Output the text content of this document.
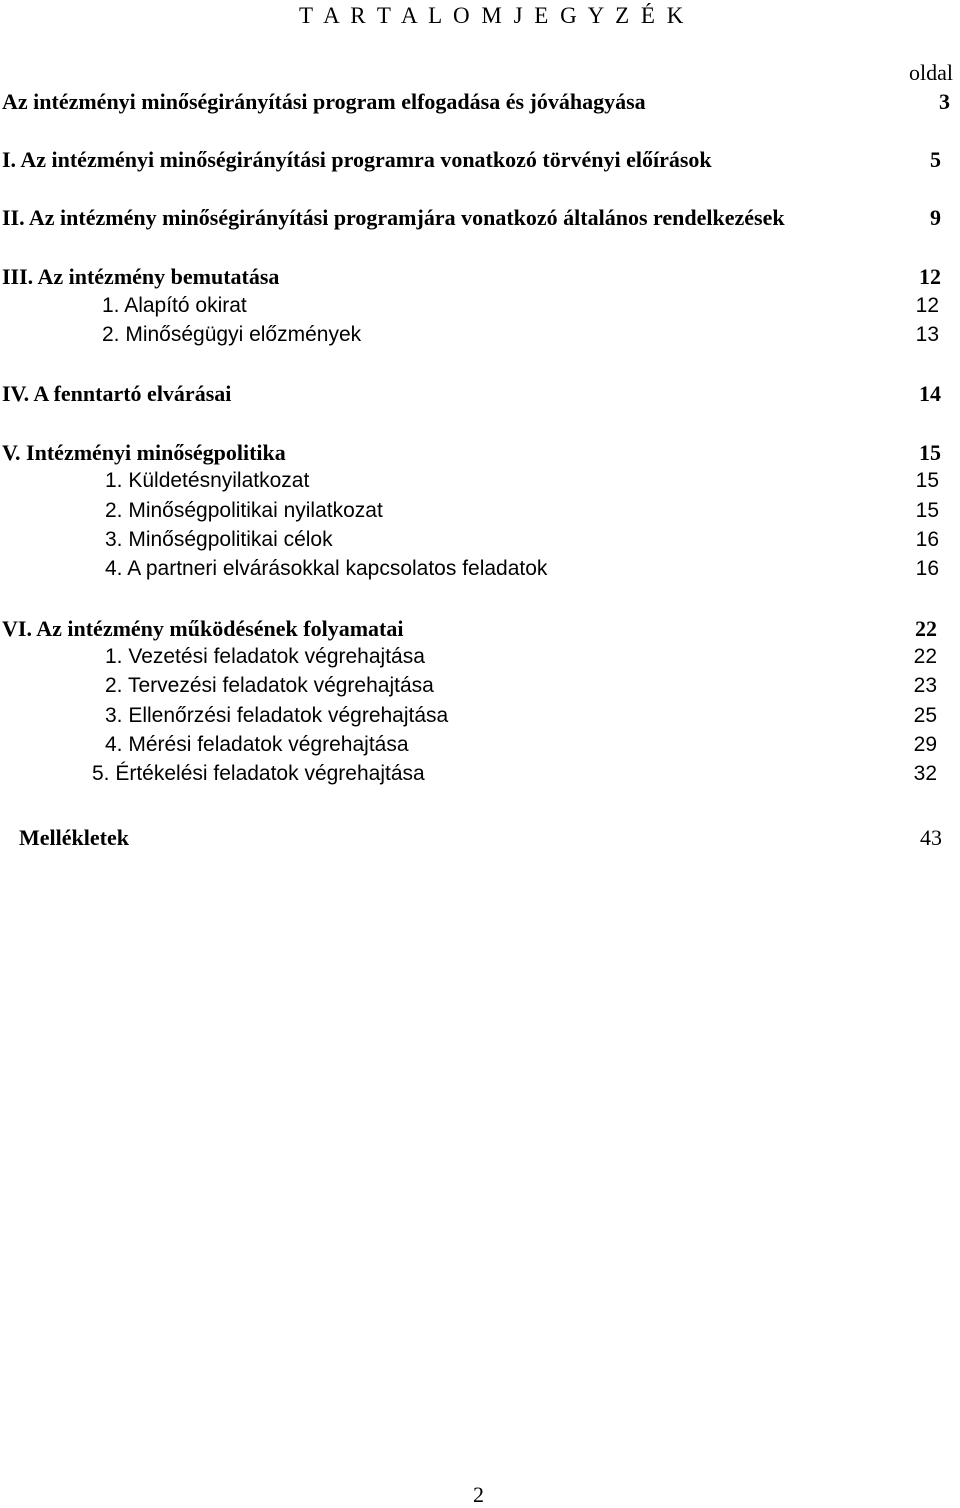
T A R T A L O M J E G Y Z É K
oldal
Az intézményi minőségirányítási program elfogadása és jóváhagyása	3
I. Az intézményi minőségirányítási programra vonatkozó törvényi előírások	5
II. Az intézmény minőségirányítási programjára vonatkozó általános rendelkezések	9
III. Az intézmény bemutatása	12
1. Alapító okirat	12
2. Minőségügyi előzmények	13
IV. A fenntartó elvárásai	14
V. Intézményi minőségpolitika	15
1. Küldetésnyilatkozat	15
2. Minőségpolitikai nyilatkozat	15
3. Minőségpolitikai célok	16
4. A partneri elvárásokkal kapcsolatos feladatok	16
VI. Az intézmény működésének folyamatai	22
1. Vezetési feladatok végrehajtása	22
2. Tervezési feladatok végrehajtása	23
3. Ellenőrzési feladatok végrehajtása	25
4. Mérési feladatok végrehajtása	29
5. Értékelési feladatok végrehajtása	32
Mellékletek	43
2
